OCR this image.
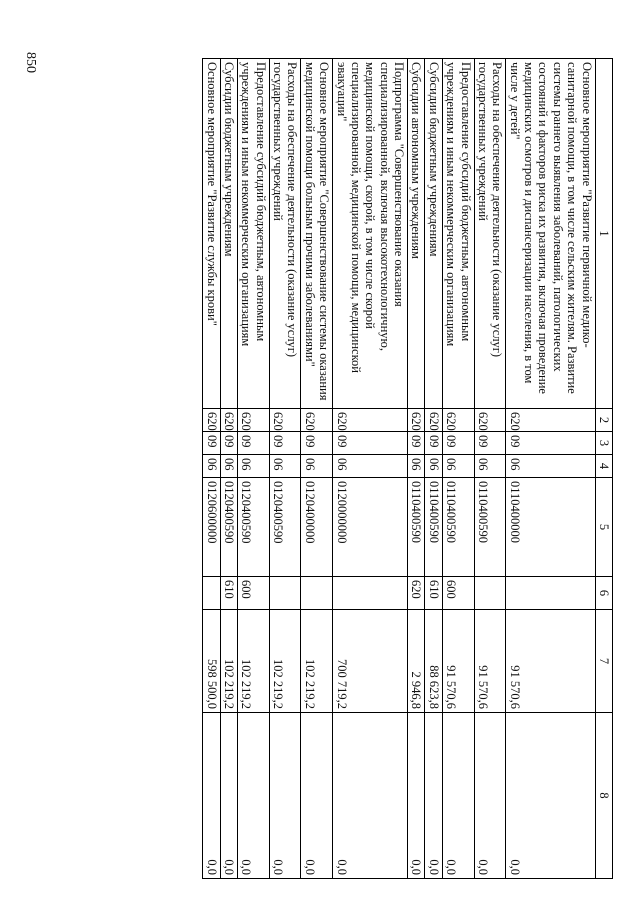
850
1	2	3	4	5	6	7	8
Основное мероприятие "Развитие первичной медико-санитарной помощи, в том числе сельским жителям. Развитие системы раннего выявления заболеваний, патологических состояний и факторов риска их развития, включая проведение медицинских осмотров и диспансеризации населения, в том числе у детей"	620	09	06	0110400000		91 570,6	0,0
Расходы на обеспечение деятельности (оказание услуг) государственных учреждений	620	09	06	0110400590		91 570,6	0,0
Предоставление субсидий бюджетным, автономным учреждениям и иным некоммерческим организациям	620	09	06	0110400590	600	91 570,6	0,0
Субсидии бюджетным учреждениям	620	09	06	0110400590	610	88 623,8	0,0
Субсидии автономным учреждениям	620	09	06	0110400590	620	2 946,8	0,0
Подпрограмма "Совершенствование оказания специализированной, включая высокотехнологичную, медицинской помощи, скорой, в том числе скорой специализированной, медицинской помощи, медицинской эвакуации"	620	09	06	0120000000		700 719,2	0,0
Основное мероприятие "Совершенствование системы оказания медицинской помощи больным прочими заболеваниями"	620	09	06	0120400000		102 219,2	0,0
Расходы на обеспечение деятельности (оказание услуг) государственных учреждений	620	09	06	0120400590		102 219,2	0,0
Предоставление субсидий бюджетным, автономным учреждениям и иным некоммерческим организациям	620	09	06	0120400590	600	102 219,2	0,0
Субсидии бюджетным учреждениям	620	09	06	0120400590	610	102 219,2	0,0
Основное мероприятие "Развитие службы крови"	620	09	06	0120600000		598 500,0	0,0
